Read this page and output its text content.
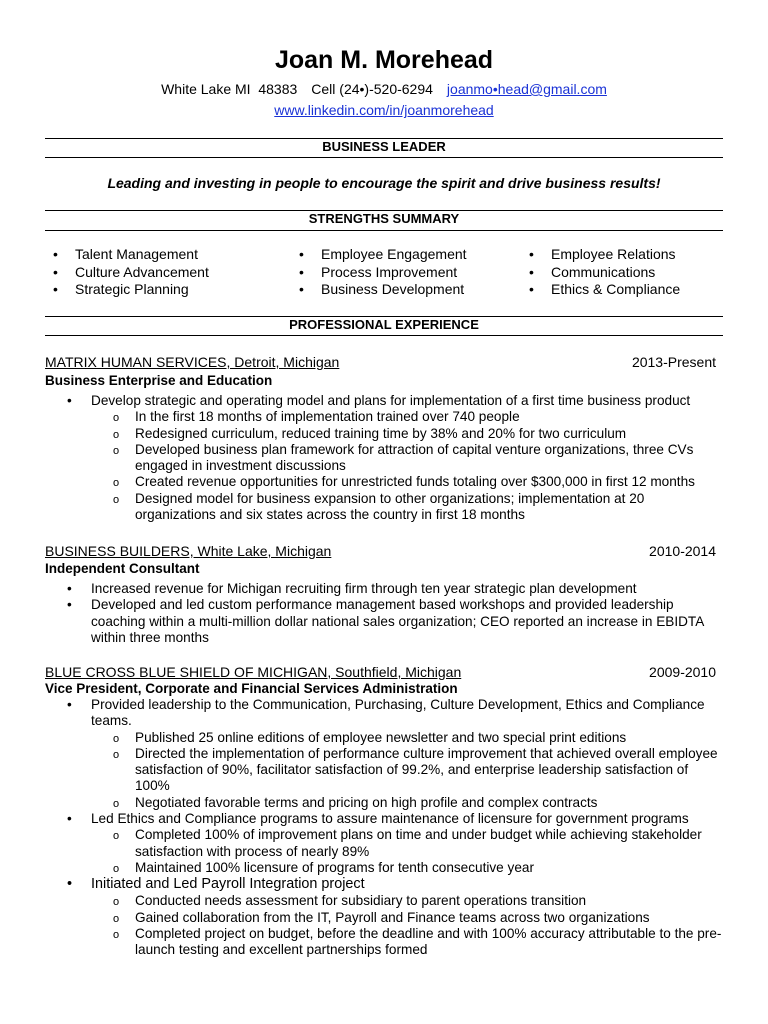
Joan M. Morehead
White Lake MI  48383 Cell (24•)-520-6294 joanmo•head@gmail.com
www.linkedin.com/in/joanmorehead
BUSINESS LEADER
Leading and investing in people to encourage the spirit and drive business results!
STRENGTHS SUMMARY
• Talent Management
• Culture Advancement
• Strategic Planning
• Employee Engagement
• Process Improvement
• Business Development
• Employee Relations
• Communications
• Ethics & Compliance
PROFESSIONAL EXPERIENCE
MATRIX HUMAN SERVICES, Detroit, Michigan	2013-Present
Business Enterprise and Education
• Develop strategic and operating model and plans for implementation of a first time business product
o In the first 18 months of implementation trained over 740 people
o Redesigned curriculum, reduced training time by 38% and 20% for two curriculum
o Developed business plan framework for attraction of capital venture organizations, three CVs engaged in investment discussions
o Created revenue opportunities for unrestricted funds totaling over $300,000 in first 12 months
o Designed model for business expansion to other organizations; implementation at 20 organizations and six states across the country in first 18 months
BUSINESS BUILDERS, White Lake, Michigan	2010-2014
Independent Consultant
• Increased revenue for Michigan recruiting firm through ten year strategic plan development
• Developed and led custom performance management based workshops and provided leadership coaching within a multi-million dollar national sales organization; CEO reported an increase in EBIDTA within three months
BLUE CROSS BLUE SHIELD OF MICHIGAN, Southfield, Michigan	2009-2010
Vice President, Corporate and Financial Services Administration
• Provided leadership to the Communication, Purchasing, Culture Development, Ethics and Compliance teams.
o Published 25 online editions of employee newsletter and two special print editions
o Directed the implementation of performance culture improvement that achieved overall employee satisfaction of 90%, facilitator satisfaction of 99.2%, and enterprise leadership satisfaction of 100%
o Negotiated favorable terms and pricing on high profile and complex contracts
• Led Ethics and Compliance programs to assure maintenance of licensure for government programs
o Completed 100% of improvement plans on time and under budget while achieving stakeholder satisfaction with process of nearly 89%
o Maintained 100% licensure of programs for tenth consecutive year
• Initiated and Led Payroll Integration project
o Conducted needs assessment for subsidiary to parent operations transition
o Gained collaboration from the IT, Payroll and Finance teams across two organizations
o Completed project on budget, before the deadline and with 100% accuracy attributable to the pre-launch testing and excellent partnerships formed
